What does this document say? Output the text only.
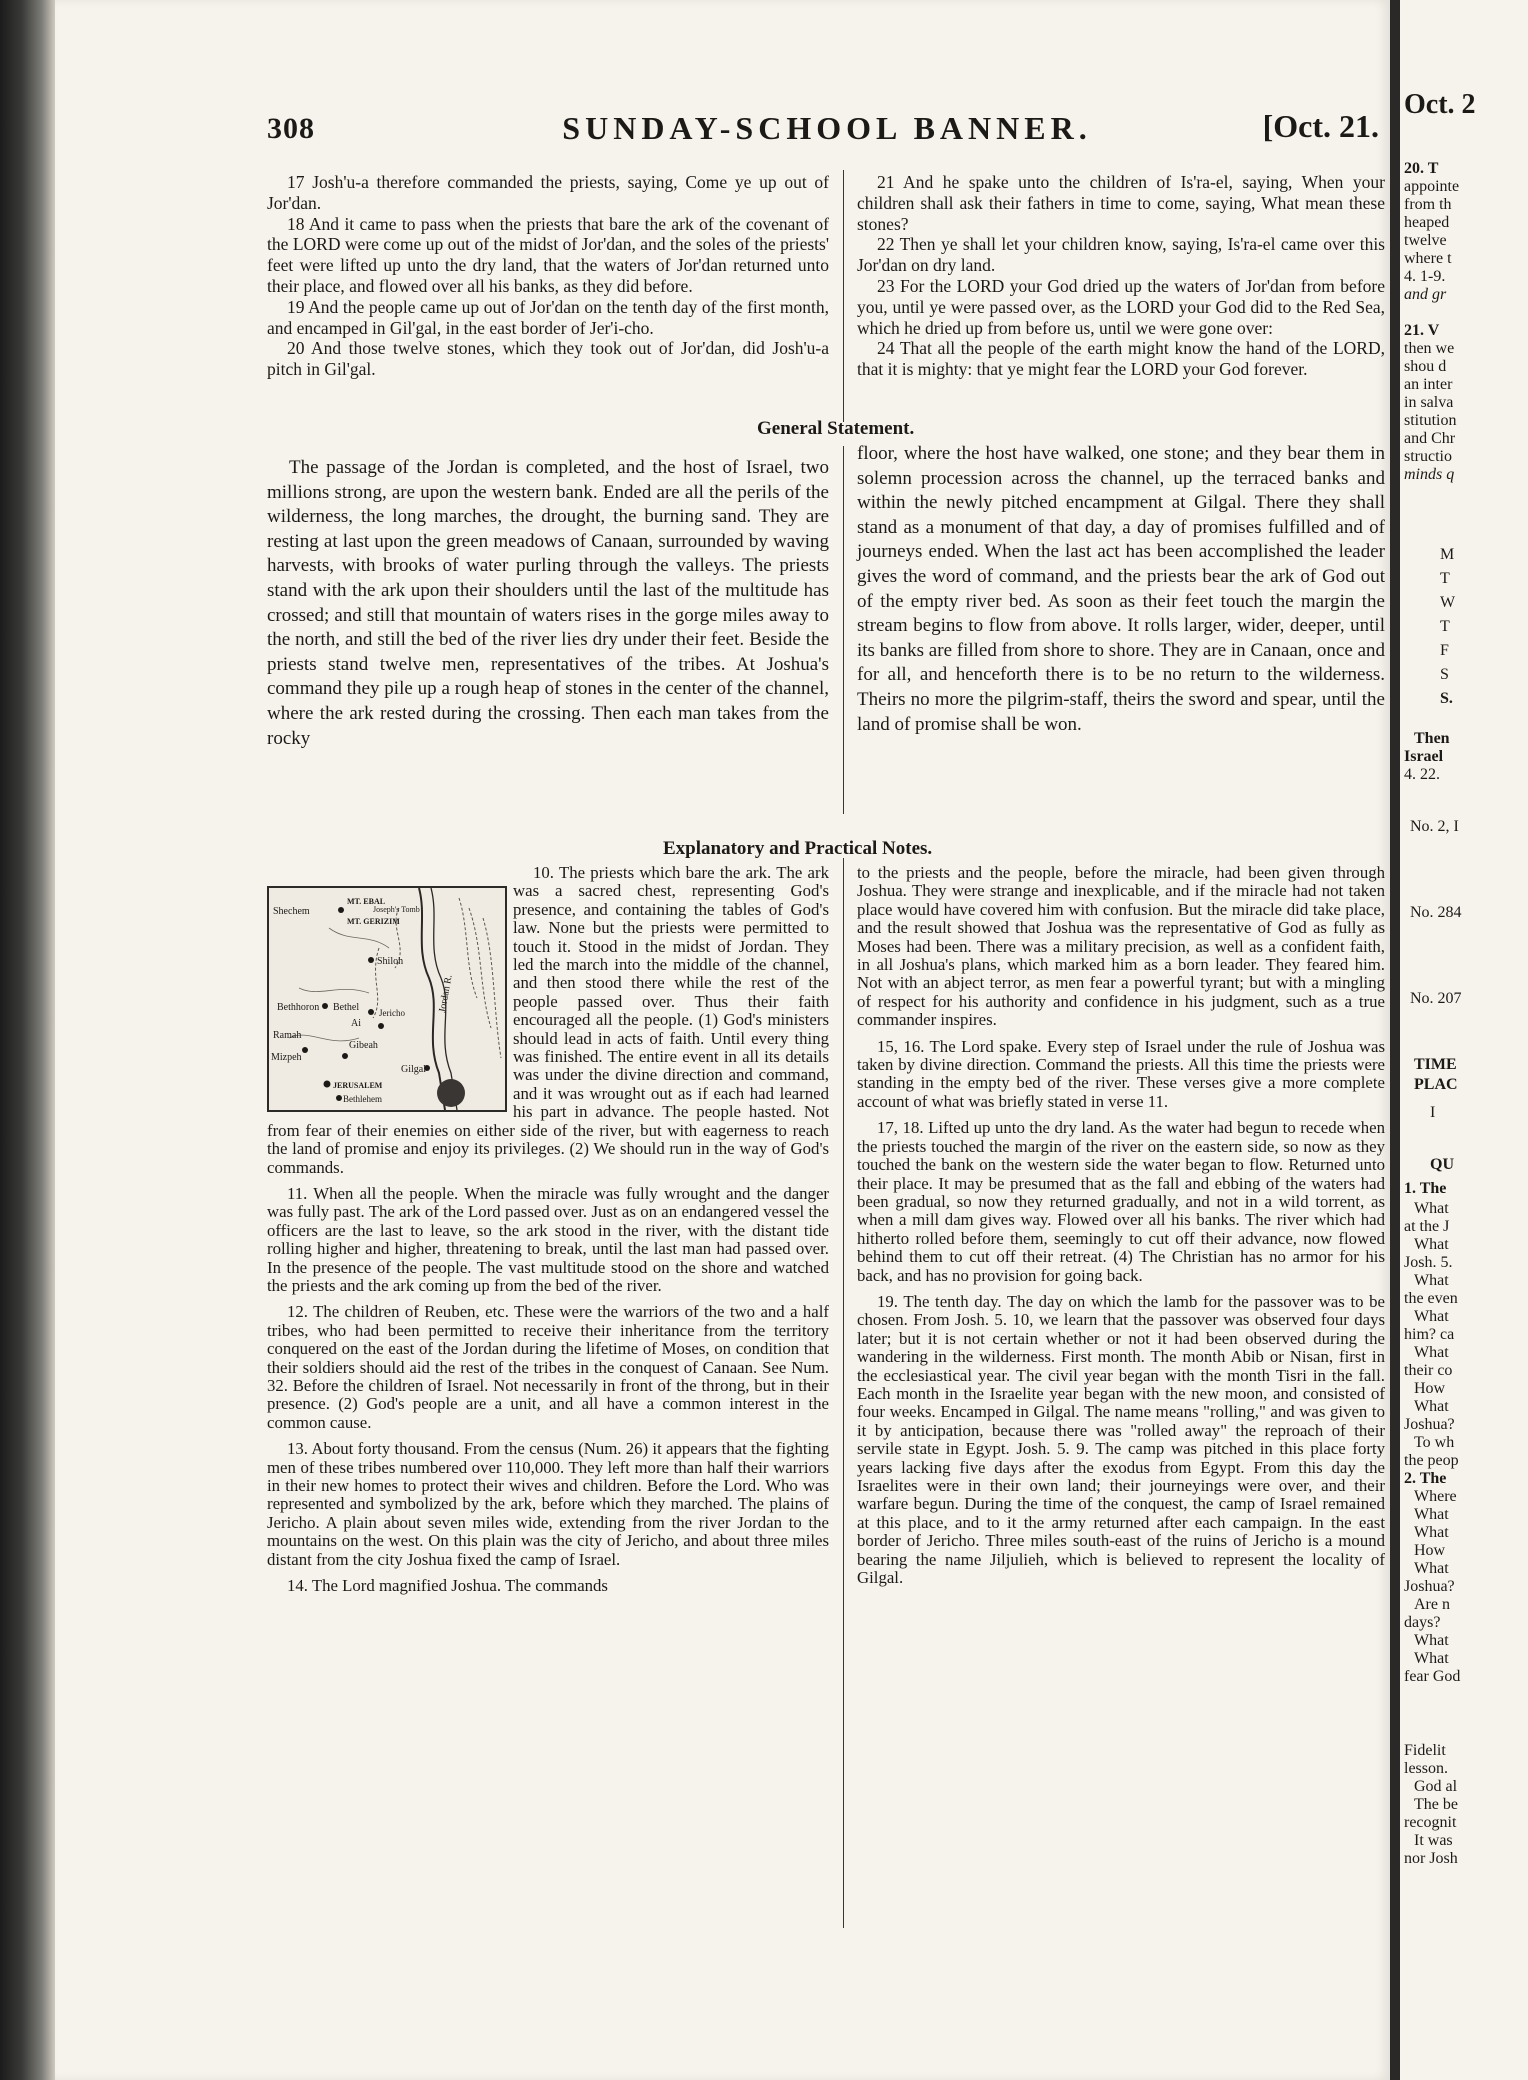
308	SUNDAY-SCHOOL BANNER.	[Oct. 21.

17 Josh'u-a therefore commanded the priests, saying, Come ye up out of Jor'dan.

18 And it came to pass when the priests that bare the ark of the covenant of the LORD were come up out of the midst of Jor'dan, and the soles of the priests' feet were lifted up unto the dry land, that the waters of Jor'dan returned unto their place, and flowed over all his banks, as they did before.

19 And the people came up out of Jor'dan on the tenth day of the first month, and encamped in Gil'gal, in the east border of Jer'i-cho.

20 And those twelve stones, which they took out of Jor'dan, did Josh'u-a pitch in Gil'gal.

21 And he spake unto the children of Is'ra-el, saying, When your children shall ask their fathers in time to come, saying, What mean these stones?

22 Then ye shall let your children know, saying, Is'ra-el came over this Jor'dan on dry land.

23 For the LORD your God dried up the waters of Jor'dan from before you, until ye were passed over, as the LORD your God did to the Red Sea, which he dried up from before us, until we were gone over:

24 That all the people of the earth might know the hand of the LORD, that it is mighty: that ye might fear the LORD your God forever.

General Statement.

The passage of the Jordan is completed, and the host of Israel, two millions strong, are upon the western bank. Ended are all the perils of the wilderness, the long marches, the drought, the burning sand. They are resting at last upon the green meadows of Canaan, surrounded by waving harvests, with brooks of water purling through the valleys. The priests stand with the ark upon their shoulders until the last of the multitude has crossed; and still that mountain of waters rises in the gorge miles away to the north, and still the bed of the river lies dry under their feet. Beside the priests stand twelve men, representatives of the tribes. At Joshua's command they pile up a rough heap of stones in the center of the channel, where the ark rested during the crossing. Then each man takes from the rocky

floor, where the host have walked, one stone; and they bear them in solemn procession across the channel, up the terraced banks and within the newly pitched encampment at Gilgal. There they shall stand as a monument of that day, a day of promises fulfilled and of journeys ended. When the last act has been accomplished the leader gives the word of command, and the priests bear the ark of God out of the empty river bed. As soon as their feet touch the margin the stream begins to flow from above. It rolls larger, wider, deeper, until its banks are filled from shore to shore. They are in Canaan, once and for all, and henceforth there is to be no return to the wilderness. Theirs no more the pilgrim-staff, theirs the sword and spear, until the land of promise shall be won.

Explanatory and Practical Notes.
Shechem
MT. EBAL
Joseph's Tomb
MT. GERIZIM
Shiloh
Bethhoron Bethel
Ai
Jericho
Ramah
Gibeah
Mizpeh
Gilgal
JERUSALEM
Bethlehem
Jordan R.

10. The priests which bare the ark. The ark was a sacred chest, representing God's presence, and containing the tables of God's law. None but the priests were permitted to touch it. Stood in the midst of Jordan. They led the march into the middle of the channel, and then stood there while the rest of the people passed over. Thus their faith encouraged all the people. (1) God's ministers should lead in acts of faith. Until every thing was finished. The entire event in all its details was under the divine direction and command, and it was wrought out as if each had learned his part in advance. The people hasted. Not from fear of their enemies on either side of the river, but with eagerness to reach the land of promise and enjoy its privileges. (2) We should run in the way of God's commands.

11. When all the people. When the miracle was fully wrought and the danger was fully past. The ark of the Lord passed over. Just as on an endangered vessel the officers are the last to leave, so the ark stood in the river, with the distant tide rolling higher and higher, threatening to break, until the last man had passed over. In the presence of the people. The vast multitude stood on the shore and watched the priests and the ark coming up from the bed of the river.

12. The children of Reuben, etc. These were the warriors of the two and a half tribes, who had been permitted to receive their inheritance from the territory conquered on the east of the Jordan during the lifetime of Moses, on condition that their soldiers should aid the rest of the tribes in the conquest of Canaan. See Num. 32. Before the children of Israel. Not necessarily in front of the throng, but in their presence. (2) God's people are a unit, and all have a common interest in the common cause.

13. About forty thousand. From the census (Num. 26) it appears that the fighting men of these tribes numbered over 110,000. They left more than half their warriors in their new homes to protect their wives and children. Before the Lord. Who was represented and symbolized by the ark, before which they marched. The plains of Jericho. A plain about seven miles wide, extending from the river Jordan to the mountains on the west. On this plain was the city of Jericho, and about three miles distant from the city Joshua fixed the camp of Israel.

14. The Lord magnified Joshua. The commands

to the priests and the people, before the miracle, had been given through Joshua. They were strange and inexplicable, and if the miracle had not taken place would have covered him with confusion. But the miracle did take place, and the result showed that Joshua was the representative of God as fully as Moses had been. There was a military precision, as well as a confident faith, in all Joshua's plans, which marked him as a born leader. They feared him. Not with an abject terror, as men fear a powerful tyrant; but with a mingling of respect for his authority and confidence in his judgment, such as a true commander inspires.

15, 16. The Lord spake. Every step of Israel under the rule of Joshua was taken by divine direction. Command the priests. All this time the priests were standing in the empty bed of the river. These verses give a more complete account of what was briefly stated in verse 11.

17, 18. Lifted up unto the dry land. As the water had begun to recede when the priests touched the margin of the river on the eastern side, so now as they touched the bank on the western side the water began to flow. Returned unto their place. It may be presumed that as the fall and ebbing of the waters had been gradual, so now they returned gradually, and not in a wild torrent, as when a mill dam gives way. Flowed over all his banks. The river which had hitherto rolled before them, seemingly to cut off their advance, now flowed behind them to cut off their retreat. (4) The Christian has no armor for his back, and has no provision for going back.

19. The tenth day. The day on which the lamb for the passover was to be chosen. From Josh. 5. 10, we learn that the passover was observed four days later; but it is not certain whether or not it had been observed during the wandering in the wilderness. First month. The month Abib or Nisan, first in the ecclesiastical year. The civil year began with the month Tisri in the fall. Each month in the Israelite year began with the new moon, and consisted of four weeks. Encamped in Gilgal. The name means "rolling," and was given to it by anticipation, because there was "rolled away" the reproach of their servile state in Egypt. Josh. 5. 9. The camp was pitched in this place forty years lacking five days after the exodus from Egypt. From this day the Israelites were in their own land; their journeyings were over, and their warfare begun. During the time of the conquest, the camp of Israel remained at this place, and to it the army returned after each campaign. In the east border of Jericho. Three miles south-east of the ruins of Jericho is a mound bearing the name Jiljulieh, which is believed to represent the locality of Gilgal.

Oct. 2
20. T
appointe
from th
heaped
twelve
where t
4. 1-9.
and gr
21. V
then we
shou d
an inter
in salva
stitution
and Chr
structio
minds q
M
T
W
T
F
S
S.
Then
Israel
4. 22.
No. 2, I
No. 284
No. 207
TIME
PLAC
I
QU
1. The
What
at the J
What
Josh. 5.
What
the even
What
him? ca
What
their co
How
What
Joshua?
To wh
the peop
2. The
Where
What
What
How
What
Joshua?
Are n
days?
What
What
fear God
Fidelit
lesson.
God al
The be
recognit
It was
nor Josh
